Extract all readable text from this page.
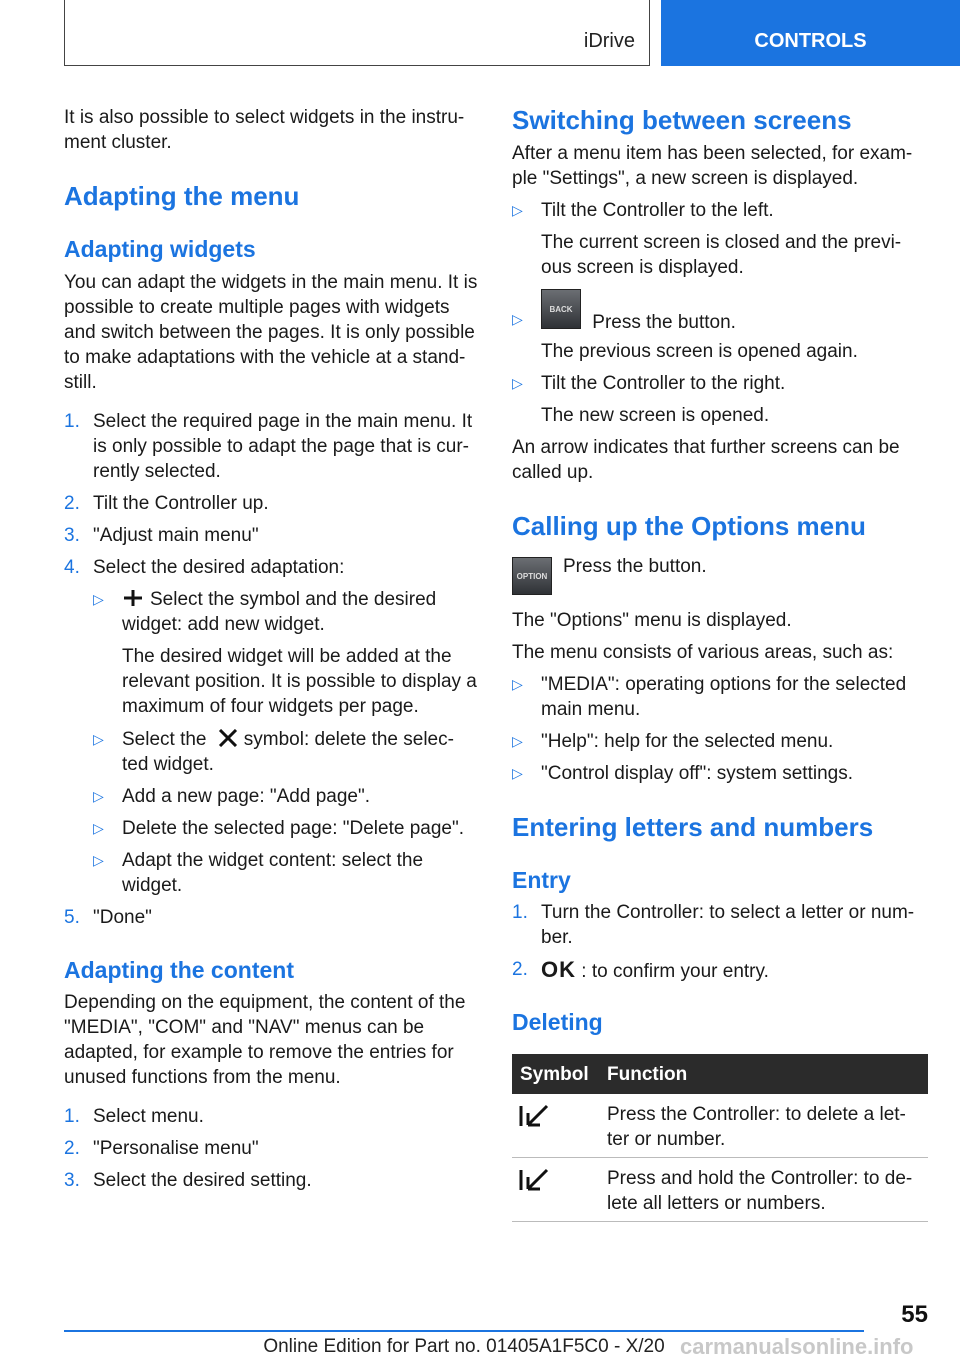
iDrive	CONTROLS
It is also possible to select widgets in the instru- ment cluster.
Adapting the menu
Adapting widgets
You can adapt the widgets in the main menu. It is possible to create multiple pages with widgets and switch between the pages. It is only possible to make adaptations with the vehicle at a stand- still.
1. Select the required page in the main menu. It is only possible to adapt the page that is cur- rently selected.
2. Tilt the Controller up.
3. "Adjust main menu"
4. Select the desired adaptation:
▷	Select the symbol and the desired widget: add new widget.
The desired widget will be added at the relevant position. It is possible to display a maximum of four widgets per page.
▷ Select the symbol: delete the selec- ted widget.
▷ Add a new page: "Add page".
▷ Delete the selected page: "Delete page".
▷ Adapt the widget content: select the widget.
5. "Done"
Adapting the content
Depending on the equipment, the content of the "MEDIA", "COM" and "NAV" menus can be adapted, for example to remove the entries for unused functions from the menu.
1. Select menu.
2. "Personalise menu"
3. Select the desired setting.
Switching between screens
After a menu item has been selected, for exam- ple "Settings", a new screen is displayed.
▷ Tilt the Controller to the left.
The current screen is closed and the previ- ous screen is displayed.
▷
BACK Press the button.
The previous screen is opened again.
▷ Tilt the Controller to the right.
The new screen is opened.
An arrow indicates that further screens can be called up.
Calling up the Options menu
OPTION Press the button.
The "Options" menu is displayed.
The menu consists of various areas, such as:
▷ "MEDIA": operating options for the selected main menu.
▷ "Help": help for the selected menu.
▷ "Control display off": system settings.
Entering letters and numbers
Entry
1. Turn the Controller: to select a letter or num- ber.
2. OK : to confirm your entry.
Deleting
Symbol Function
Press the Controller: to delete a let- ter or number.
Press and hold the Controller: to de- lete all letters or numbers.
55
Online Edition for Part no. 01405A1F5C0 - X/20 carmanualsonline.info
